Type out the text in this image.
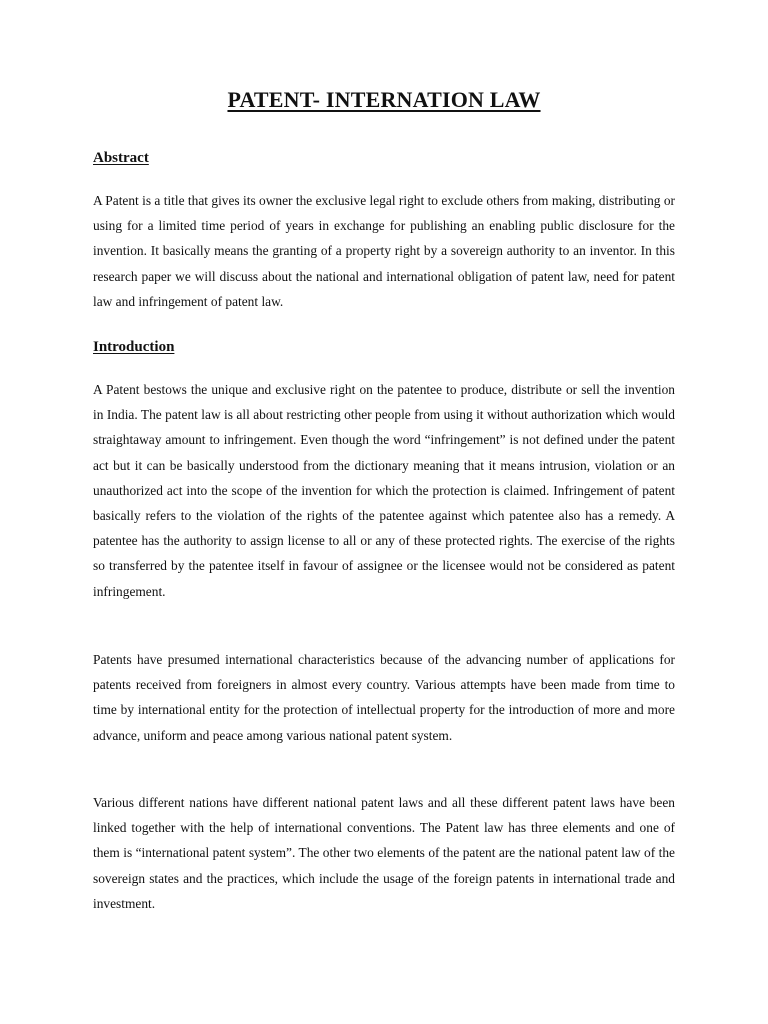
PATENT- INTERNATION LAW
Abstract

A Patent is a title that gives its owner the exclusive legal right to exclude others from making, distributing or using for a limited time period of years in exchange for publishing an enabling public disclosure for the invention. It basically means the granting of a property right by a sovereign authority to an inventor. In this research paper we will discuss about the national and international obligation of patent law, need for patent law and infringement of patent law.

Introduction

A Patent bestows the unique and exclusive right on the patentee to produce, distribute or sell the invention in India. The patent law is all about restricting other people from using it without authorization which would straightaway amount to infringement. Even though the word “infringement” is not defined under the patent act but it can be basically understood from the dictionary meaning that it means intrusion, violation or an unauthorized act into the scope of the invention for which the protection is claimed. Infringement of patent basically refers to the violation of the rights of the patentee against which patentee also has a remedy. A patentee has the authority to assign license to all or any of these protected rights. The exercise of the rights so transferred by the patentee itself in favour of assignee or the licensee would not be considered as patent infringement.

Patents have presumed international characteristics because of the advancing number of applications for patents received from foreigners in almost every country. Various attempts have been made from time to time by international entity for the protection of intellectual property for the introduction of more and more advance, uniform and peace among various national patent system.

Various different nations have different national patent laws and all these different patent laws have been linked together with the help of international conventions. The Patent law has three elements and one of them is “international patent system”. The other two elements of the patent are the national patent law of the sovereign states and the practices, which include the usage of the foreign patents in international trade and investment.
